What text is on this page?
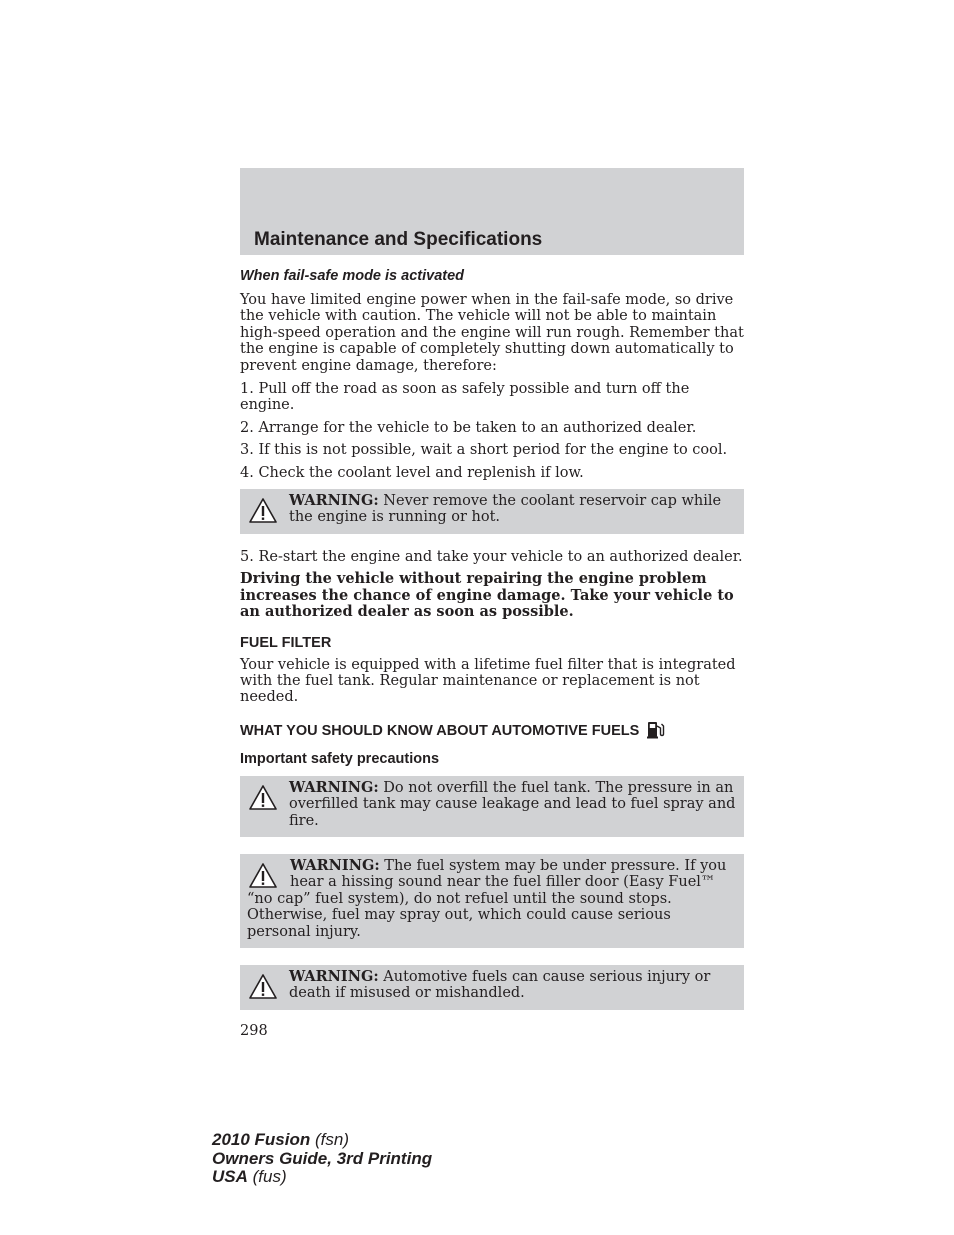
Maintenance and Specifications
When fail-safe mode is activated

You have limited engine power when in the fail-safe mode, so drive the vehicle with caution. The vehicle will not be able to maintain high-speed operation and the engine will run rough. Remember that the engine is capable of completely shutting down automatically to prevent engine damage, therefore:

1. Pull off the road as soon as safely possible and turn off the engine.

2. Arrange for the vehicle to be taken to an authorized dealer.

3. If this is not possible, wait a short period for the engine to cool.

4. Check the coolant level and replenish if low.

WARNING: Never remove the coolant reservoir cap while the engine is running or hot.

5. Re-start the engine and take your vehicle to an authorized dealer.

Driving the vehicle without repairing the engine problem increases the chance of engine damage. Take your vehicle to an authorized dealer as soon as possible.

FUEL FILTER

Your vehicle is equipped with a lifetime fuel filter that is integrated with the fuel tank. Regular maintenance or replacement is not needed.

WHAT YOU SHOULD KNOW ABOUT AUTOMOTIVE FUELS
Important safety precautions
WARNING: Do not overfill the fuel tank. The pressure in an overfilled tank may cause leakage and lead to fuel spray and fire.
WARNING: The fuel system may be under pressure. If you hear a hissing sound near the fuel filler door (Easy Fuel™ “no cap” fuel system), do not refuel until the sound stops. Otherwise, fuel may spray out, which could cause serious personal injury.
WARNING: Automotive fuels can cause serious injury or death if misused or mishandled.
298
2010 Fusion (fsn)
Owners Guide, 3rd Printing
USA (fus)
